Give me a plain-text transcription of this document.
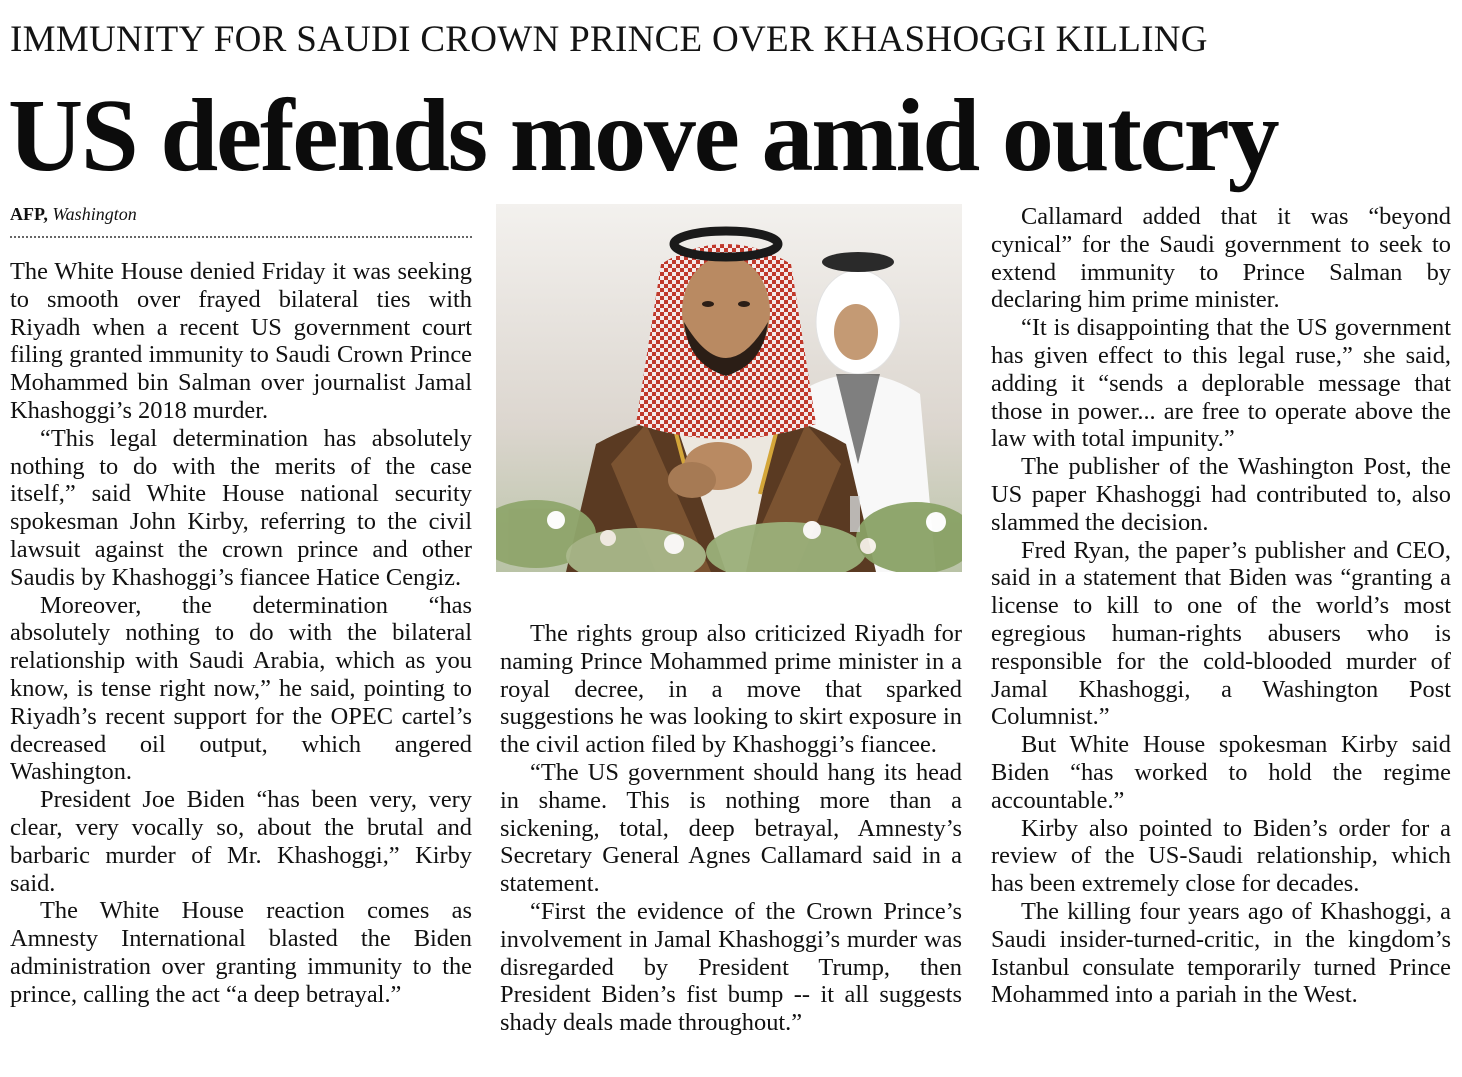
IMMUNITY FOR SAUDI CROWN PRINCE OVER KHASHOGGI KILLING
US defends move amid outcry
AFP, Washington

The White House denied Friday it was seeking to smooth over frayed bilateral ties with Riyadh when a recent US government court filing granted immunity to Saudi Crown Prince Mohammed bin Salman over journalist Jamal Khashoggi’s 2018 murder.

“This legal determination has absolutely nothing to do with the merits of the case itself,” said White House national security spokesman John Kirby, referring to the civil lawsuit against the crown prince and other Saudis by Khashoggi’s fiancee Hatice Cengiz.

Moreover, the determination “has absolutely nothing to do with the bilateral relationship with Saudi Arabia, which as you know, is tense right now,” he said, pointing to Riyadh’s recent support for the OPEC cartel’s decreased oil output, which angered Washington.

President Joe Biden “has been very, very clear, very vocally so, about the brutal and barbaric murder of Mr. Khashoggi,” Kirby said.

The White House reaction comes as Amnesty International blasted the Biden administration over granting immunity to the prince, calling the act “a deep betrayal.”

The rights group also criticized Riyadh for naming Prince Mohammed prime minister in a royal decree, in a move that sparked suggestions he was looking to skirt exposure in the civil action filed by Khashoggi’s fiancee.

“The US government should hang its head in shame. This is nothing more than a sickening, total, deep betrayal, Amnesty’s Secretary General Agnes Callamard said in a statement.

“First the evidence of the Crown Prince’s involvement in Jamal Khashoggi’s murder was disregarded by President Trump, then President Biden’s fist bump -- it all suggests shady deals made throughout.”

Callamard added that it was “beyond cynical” for the Saudi government to seek to extend immunity to Prince Salman by declaring him prime minister.

“It is disappointing that the US government has given effect to this legal ruse,” she said, adding it “sends a deplorable message that those in power... are free to operate above the law with total impunity.”

The publisher of the Washington Post, the US paper Khashoggi had contributed to, also slammed the decision.

Fred Ryan, the paper’s publisher and CEO, said in a statement that Biden was “granting a license to kill to one of the world’s most egregious human-rights abusers who is responsible for the cold-blooded murder of Jamal Khashoggi, a Washington Post Columnist.”

But White House spokesman Kirby said Biden “has worked to hold the regime accountable.”

Kirby also pointed to Biden’s order for a review of the US-Saudi relationship, which has been extremely close for decades.

The killing four years ago of Khashoggi, a Saudi insider-turned-critic, in the kingdom’s Istanbul consulate temporarily turned Prince Mohammed into a pariah in the West.
